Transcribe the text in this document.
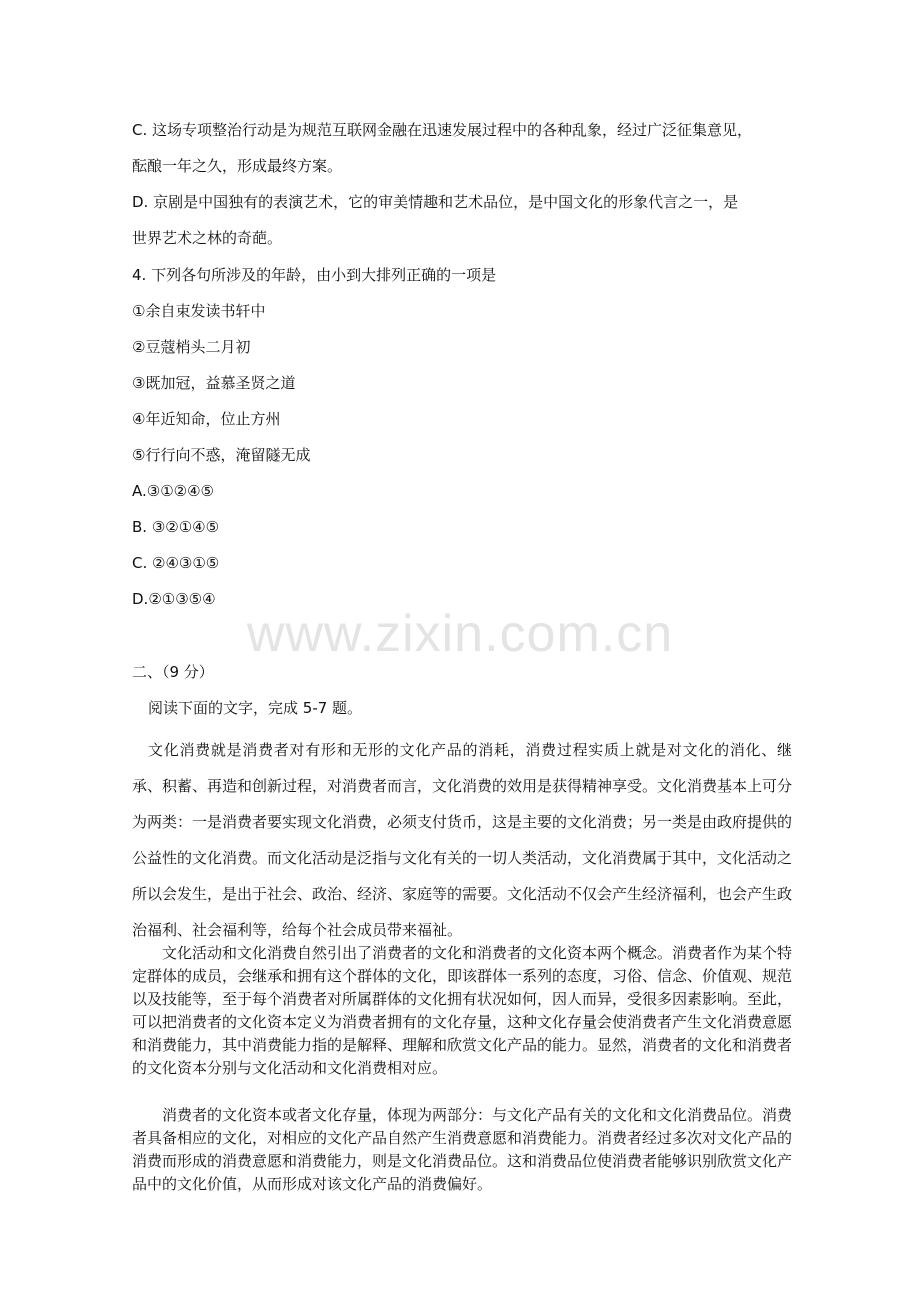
C. 这场专项整治行动是为规范互联网金融在迅速发展过程中的各种乱象，经过广泛征集意见，
酝酿一年之久，形成最终方案。
D. 京剧是中国独有的表演艺术，它的审美情趣和艺术品位，是中国文化的形象代言之一，是
世界艺术之林的奇葩。
4. 下列各句所涉及的年龄，由小到大排列正确的一项是
①余自束发读书轩中
②豆蔻梢头二月初
③既加冠，益慕圣贤之道
④年近知命，位止方州
⑤行行向不惑，淹留隧无成
A.③①②④⑤
B. ③②①④⑤
C. ②④③①⑤
D.②①③⑤④
www.zixin.com.cn
二、（9 分）
阅读下面的文字，完成 5-7 题。
文化消费就是消费者对有形和无形的文化产品的消耗，消费过程实质上就是对文化的消化、继承、积蓄、再造和创新过程，对消费者而言，文化消费的效用是获得精神享受。文化消费基本上可分为两类：一是消费者要实现文化消费，必须支付货币，这是主要的文化消费；另一类是由政府提供的公益性的文化消费。而文化活动是泛指与文化有关的一切人类活动，文化消费属于其中，文化活动之所以会发生，是出于社会、政治、经济、家庭等的需要。文化活动不仅会产生经济福利，也会产生政治福利、社会福利等，给每个社会成员带来福祉。
文化活动和文化消费自然引出了消费者的文化和消费者的文化资本两个概念。消费者作为某个特定群体的成员，会继承和拥有这个群体的文化，即该群体一系列的态度，习俗、信念、价值观、规范以及技能等，至于每个消费者对所属群体的文化拥有状况如何，因人而异，受很多因素影响。至此，可以把消费者的文化资本定义为消费者拥有的文化存量，这种文化存量会使消费者产生文化消费意愿和消费能力，其中消费能力指的是解释、理解和欣赏文化产品的能力。显然，消费者的文化和消费者的文化资本分别与文化活动和文化消费相对应。
消费者的文化资本或者文化存量，体现为两部分：与文化产品有关的文化和文化消费品位。消费者具备相应的文化，对相应的文化产品自然产生消费意愿和消费能力。消费者经过多次对文化产品的消费而形成的消费意愿和消费能力，则是文化消费品位。这和消费品位使消费者能够识别欣赏文化产品中的文化价值，从而形成对该文化产品的消费偏好。
